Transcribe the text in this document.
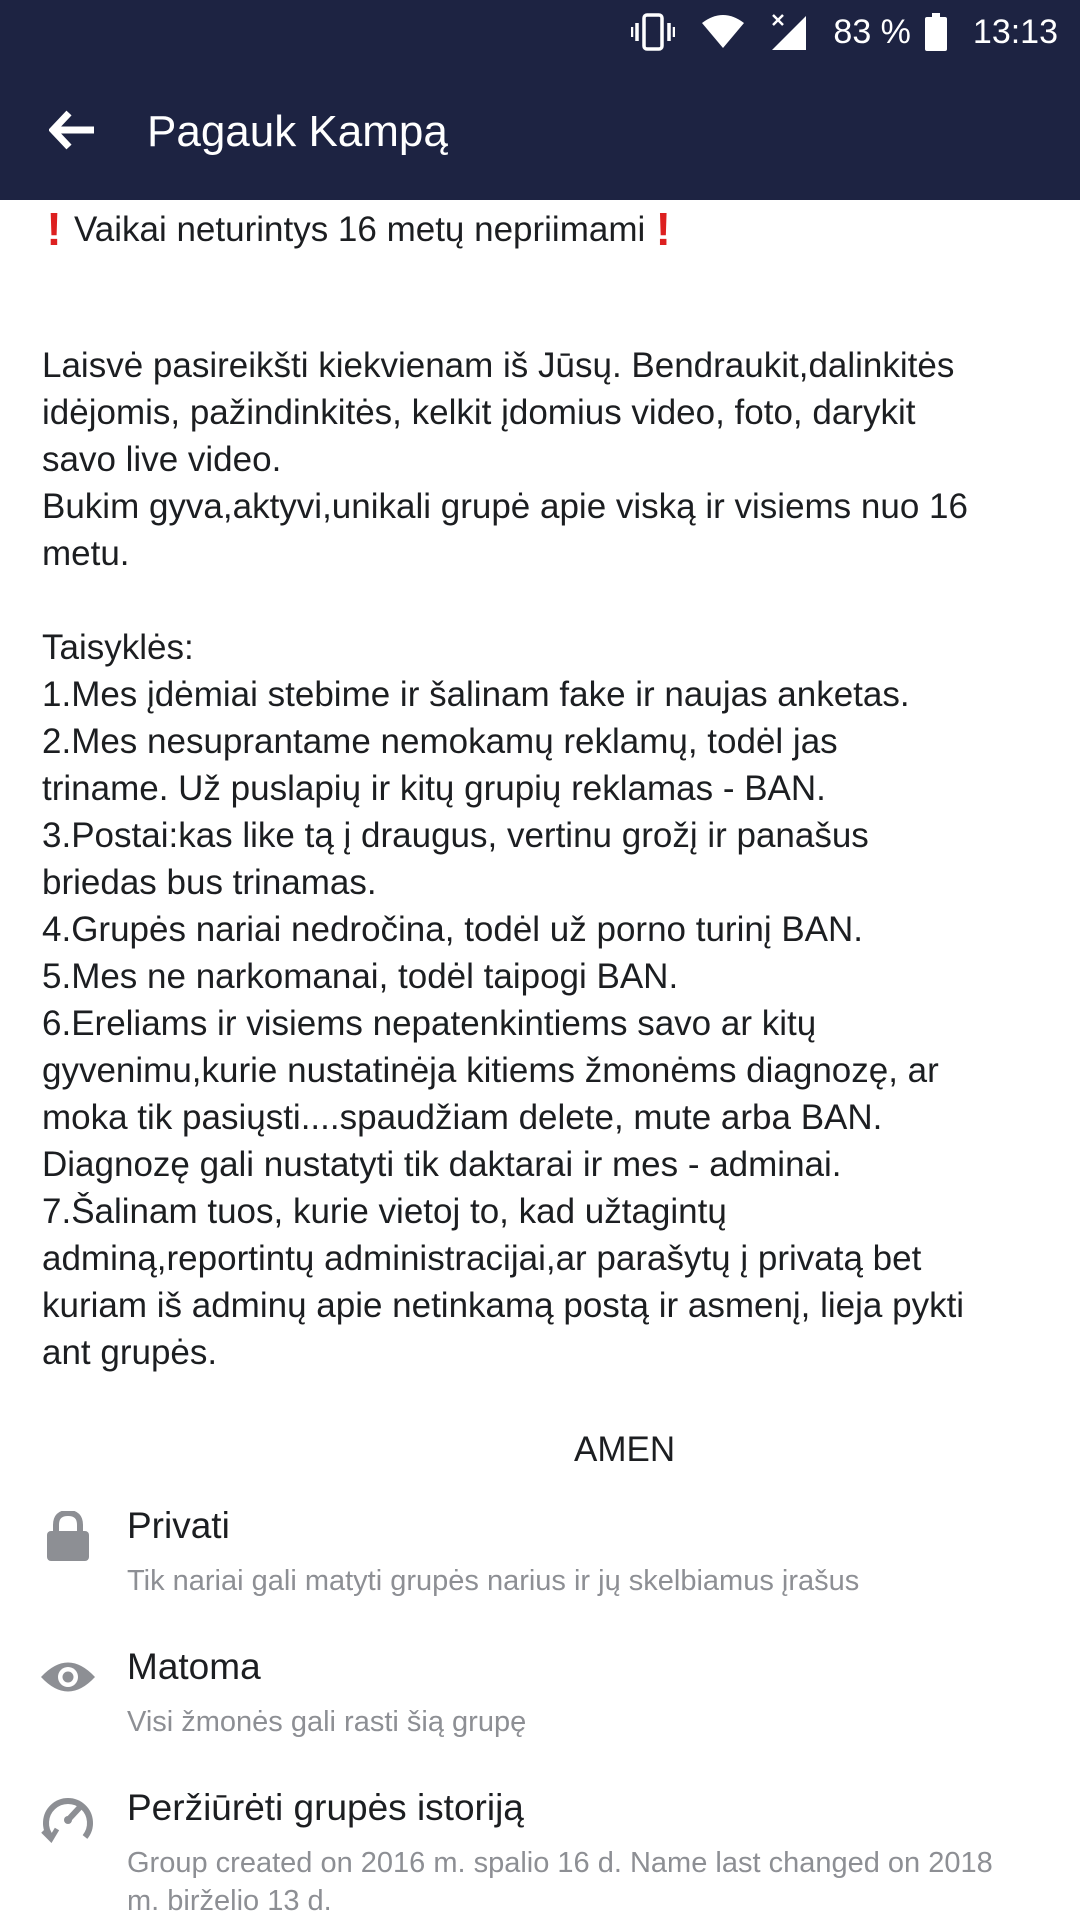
83 % 13:13
Pagauk Kampą
! Vaikai neturintys 16 metų nepriimami !
Laisvė pasireikšti kiekvienam iš Jūsų. Bendraukit,dalinkitės
idėjomis, pažindinkitės, kelkit įdomius video, foto, darykit
savo live video.
Bukim gyva,aktyvi,unikali grupė apie viską ir visiems nuo 16
metu.

Taisyklės:
1.Mes įdėmiai stebime ir šalinam fake ir naujas anketas.
2.Mes nesuprantame nemokamų reklamų, todėl jas
triname. Už puslapių ir kitų grupių reklamas - BAN.
3.Postai:kas like tą į draugus, vertinu grožį ir panašus
briedas bus trinamas.
4.Grupės nariai nedročina, todėl už porno turinį BAN.
5.Mes ne narkomanai, todėl taipogi BAN.
6.Ereliams ir visiems nepatenkintiems savo ar kitų
gyvenimu,kurie nustatinėja kitiems žmonėms diagnozę, ar
moka tik pasiųsti....spaudžiam delete, mute arba BAN.
Diagnozę gali nustatyti tik daktarai ir mes - adminai.
7.Šalinam tuos, kurie vietoj to, kad užtagintų
adminą,reportintų administracijai,ar parašytų į privatą bet
kuriam iš adminų apie netinkamą postą ir asmenį, lieja pykti
ant grupės.
AMEN
Privati
Tik nariai gali matyti grupės narius ir jų skelbiamus įrašus
Matoma
Visi žmonės gali rasti šią grupę
Peržiūrėti grupės istoriją
Group created on 2016 m. spalio 16 d. Name last changed on 2018 m. birželio 13 d.
